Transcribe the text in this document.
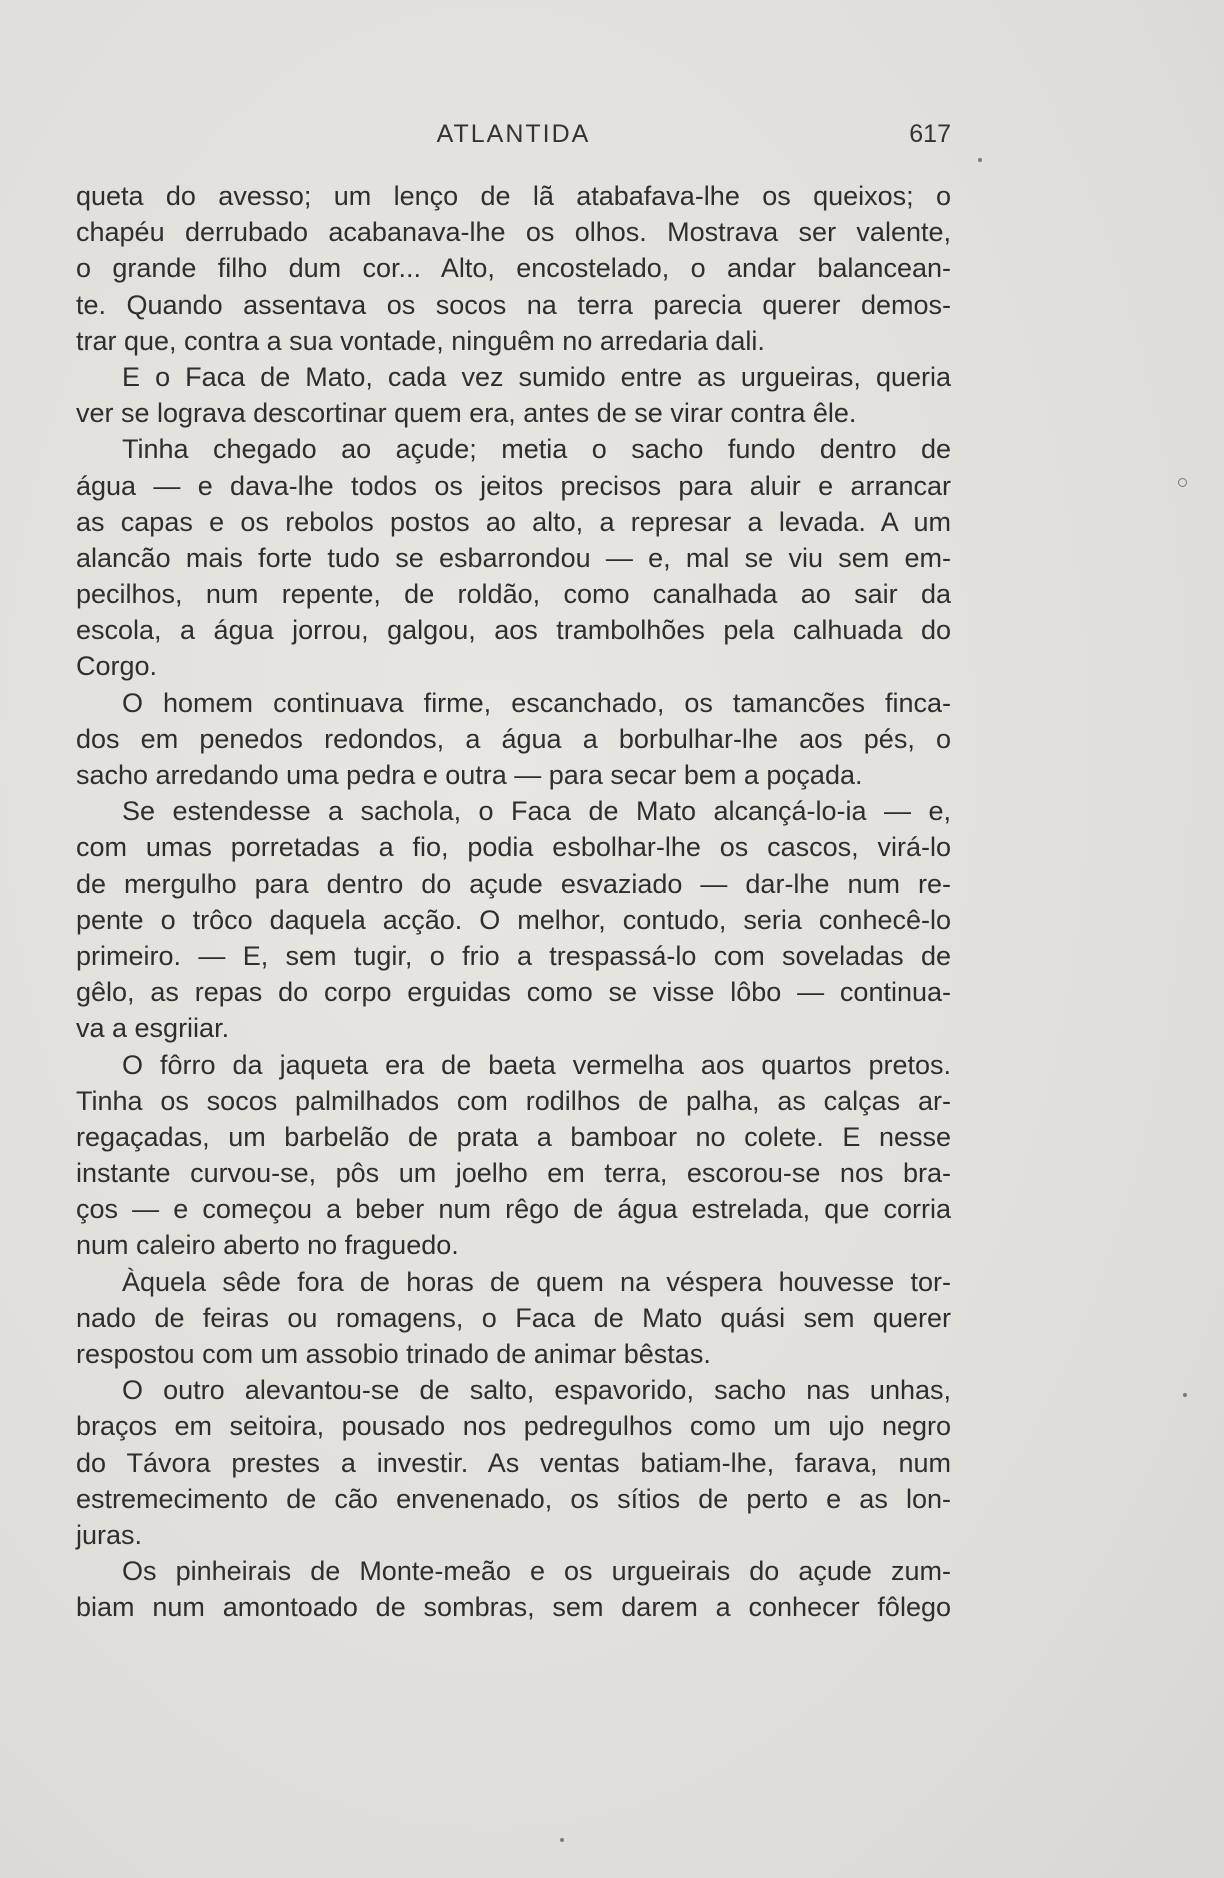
ATLANTIDA	617
queta do avesso; um lenço de lã atabafava-lhe os queixos; o
chapéu derrubado acabanava-lhe os olhos. Mostrava ser valente,
o grande filho dum cor... Alto, encostelado, o andar balancean-
te. Quando assentava os socos na terra parecia querer demos-
trar que, contra a sua vontade, ninguêm no arredaria dali.
E o Faca de Mato, cada vez sumido entre as urgueiras, queria
ver se lograva descortinar quem era, antes de se virar contra êle.
Tinha chegado ao açude; metia o sacho fundo dentro de
água — e dava-lhe todos os jeitos precisos para aluir e arrancar
as capas e os rebolos postos ao alto, a represar a levada. A um
alancão mais forte tudo se esbarrondou — e, mal se viu sem em-
pecilhos, num repente, de roldão, como canalhada ao sair da
escola, a água jorrou, galgou, aos trambolhões pela calhuada do
Corgo.
O homem continuava firme, escanchado, os tamancões finca-
dos em penedos redondos, a água a borbulhar-lhe aos pés, o
sacho arredando uma pedra e outra — para secar bem a poçada.
Se estendesse a sachola, o Faca de Mato alcançá-lo-ia — e,
com umas porretadas a fio, podia esbolhar-lhe os cascos, virá-lo
de mergulho para dentro do açude esvaziado — dar-lhe num re-
pente o trôco daquela acção. O melhor, contudo, seria conhecê-lo
primeiro. — E, sem tugir, o frio a trespassá-lo com soveladas de
gêlo, as repas do corpo erguidas como se visse lôbo — continua-
va a esgriiar.
O fôrro da jaqueta era de baeta vermelha aos quartos pretos.
Tinha os socos palmilhados com rodilhos de palha, as calças ar-
regaçadas, um barbelão de prata a bamboar no colete. E nesse
instante curvou-se, pôs um joelho em terra, escorou-se nos bra-
ços — e começou a beber num rêgo de água estrelada, que corria
num caleiro aberto no fraguedo.
Àquela sêde fora de horas de quem na véspera houvesse tor-
nado de feiras ou romagens, o Faca de Mato quási sem querer
respostou com um assobio trinado de animar bêstas.
O outro alevantou-se de salto, espavorido, sacho nas unhas,
braços em seitoira, pousado nos pedregulhos como um ujo negro
do Távora prestes a investir. As ventas batiam-lhe, farava, num
estremecimento de cão envenenado, os sítios de perto e as lon-
juras.
Os pinheirais de Monte-meão e os urgueirais do açude zum-
biam num amontoado de sombras, sem darem a conhecer fôlego
